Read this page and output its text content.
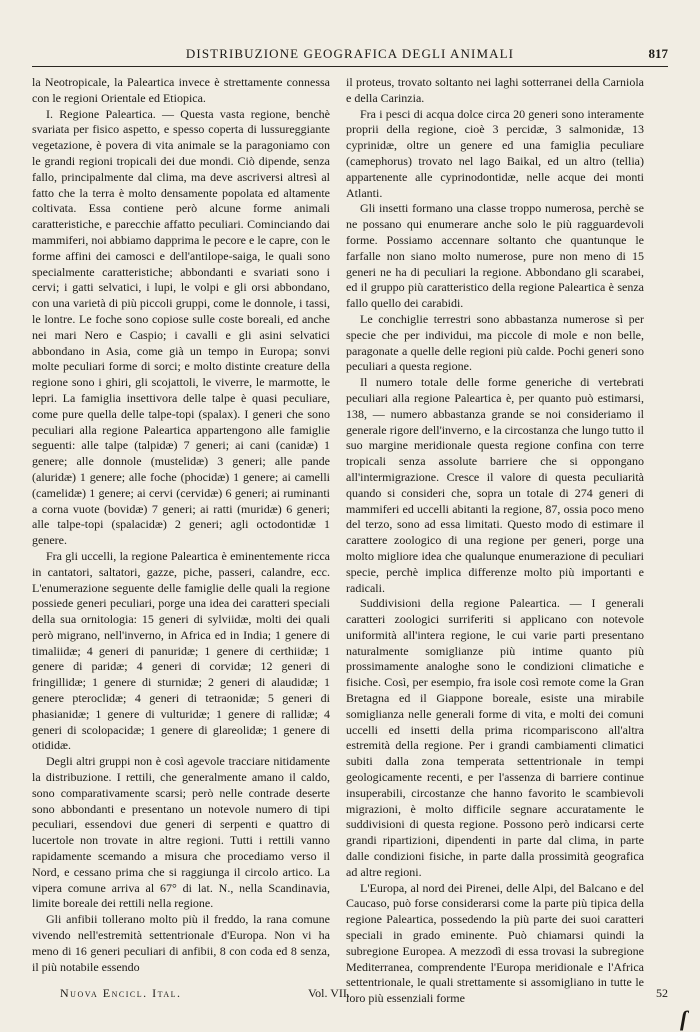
DISTRIBUZIONE GEOGRAFICA DEGLI ANIMALI	817

la Neotropicale, la Paleartica invece è strettamente connessa con le regioni Orientale ed Etiopica.

I. Regione Paleartica. — Questa vasta regione, benchè svariata per fisico aspetto, e spesso coperta di lussureggiante vegetazione, è povera di vita animale se la paragoniamo con le grandi regioni tropicali dei due mondi. Ciò dipende, senza fallo, principalmente dal clima, ma deve ascriversi altresì al fatto che la terra è molto densamente popolata ed altamente coltivata. Essa contiene però alcune forme animali caratteristiche, e parecchie affatto peculiari. Cominciando dai mammiferi, noi abbiamo dapprima le pecore e le capre, con le forme affini dei camosci e dell'antilope-saiga, le quali sono specialmente caratteristiche; abbondanti e svariati sono i cervi; i gatti selvatici, i lupi, le volpi e gli orsi abbondano, con una varietà di più piccoli gruppi, come le donnole, i tassi, le lontre. Le foche sono copiose sulle coste boreali, ed anche nei mari Nero e Caspio; i cavalli e gli asini selvatici abbondano in Asia, come già un tempo in Europa; sonvi molte peculiari forme di sorci; e molto distinte creature della regione sono i ghiri, gli scojattoli, le viverre, le marmotte, le lepri. La famiglia insettivora delle talpe è quasi peculiare, come pure quella delle talpe-topi (spalax). I generi che sono peculiari alla regione Paleartica appartengono alle famiglie seguenti: alle talpe (talpidæ) 7 generi; ai cani (canidæ) 1 genere; alle donnole (mustelidæ) 3 generi; alle pande (aluridæ) 1 genere; alle foche (phocidæ) 1 genere; ai camelli (camelidæ) 1 genere; ai cervi (cervidæ) 6 generi; ai ruminanti a corna vuote (bovidæ) 7 generi; ai ratti (muridæ) 6 generi; alle talpe-topi (spalacidæ) 2 generi; agli octodontidæ 1 genere.

Fra gli uccelli, la regione Paleartica è eminentemente ricca in cantatori, saltatori, gazze, piche, passeri, calandre, ecc. L'enumerazione seguente delle famiglie delle quali la regione possiede generi peculiari, porge una idea dei caratteri speciali della sua ornitologia: 15 generi di sylviidæ, molti dei quali però migrano, nell'inverno, in Africa ed in India; 1 genere di timaliidæ; 4 generi di panuridæ; 1 genere di certhiidæ; 1 genere di paridæ; 4 generi di corvidæ; 12 generi di fringillidæ; 1 genere di sturnidæ; 2 generi di alaudidæ; 1 genere pteroclidæ; 4 generi di tetraonidæ; 5 generi di phasianidæ; 1 genere di vulturidæ; 1 genere di rallidæ; 4 generi di scolopacidæ; 1 genere di glareolidæ; 1 genere di otididæ.

Degli altri gruppi non è così agevole tracciare nitidamente la distribuzione. I rettili, che generalmente amano il caldo, sono comparativamente scarsi; però nelle contrade deserte sono abbondanti e presentano un notevole numero di tipi peculiari, essendovi due generi di serpenti e quattro di lucertole non trovate in altre regioni. Tutti i rettili vanno rapidamente scemando a misura che procediamo verso il Nord, e cessano prima che si raggiunga il circolo artico. La vipera comune arriva al 67° di lat. N., nella Scandinavia, limite boreale dei rettili nella regione.

Gli anfibii tollerano molto più il freddo, la rana comune vivendo nell'estremità settentrionale d'Europa. Non vi ha meno di 16 generi peculiari di anfibii, 8 con coda ed 8 senza, il più notabile essendo

il proteus, trovato soltanto nei laghi sotterranei della Carniola e della Carinzia.

Fra i pesci di acqua dolce circa 20 generi sono interamente proprii della regione, cioè 3 percidæ, 3 salmonidæ, 13 cyprinidæ, oltre un genere ed una famiglia peculiare (camephorus) trovato nel lago Baikal, ed un altro (tellia) appartenente alle cyprinodontidæ, nelle acque dei monti Atlanti.

Gli insetti formano una classe troppo numerosa, perchè se ne possano qui enumerare anche solo le più ragguardevoli forme. Possiamo accennare soltanto che quantunque le farfalle non siano molto numerose, pure non meno di 15 generi ne ha di peculiari la regione. Abbondano gli scarabei, ed il gruppo più caratteristico della regione Paleartica è senza fallo quello dei carabidi.

Le conchiglie terrestri sono abbastanza numerose sì per specie che per individui, ma piccole di mole e non belle, paragonate a quelle delle regioni più calde. Pochi generi sono peculiari a questa regione.

Il numero totale delle forme generiche di vertebrati peculiari alla regione Paleartica è, per quanto può estimarsi, 138, — numero abbastanza grande se noi consideriamo il generale rigore dell'inverno, e la circostanza che lungo tutto il suo margine meridionale questa regione confina con terre tropicali senza assolute barriere che si oppongano all'intermigrazione. Cresce il valore di questa peculiarità quando si consideri che, sopra un totale di 274 generi di mammiferi ed uccelli abitanti la regione, 87, ossia poco meno del terzo, sono ad essa limitati. Questo modo di estimare il carattere zoologico di una regione per generi, porge una molto migliore idea che qualunque enumerazione di peculiari specie, perchè implica differenze molto più importanti e radicali.

Suddivisioni della regione Paleartica. — I generali caratteri zoologici surriferiti si applicano con notevole uniformità all'intera regione, le cui varie parti presentano naturalmente somiglianze più intime quanto più prossimamente analoghe sono le condizioni climatiche e fisiche. Così, per esempio, fra isole così remote come la Gran Bretagna ed il Giappone boreale, esiste una mirabile somiglianza nelle generali forme di vita, e molti dei comuni uccelli ed insetti della prima ricompariscono all'altra estremità della regione. Per i grandi cambiamenti climatici subiti dalla zona temperata settentrionale in tempi geologicamente recenti, e per l'assenza di barriere continue insuperabili, circostanze che hanno favorito le scambievoli migrazioni, è molto difficile segnare accuratamente le suddivisioni di questa regione. Possono però indicarsi certe grandi ripartizioni, dipendenti in parte dal clima, in parte dalle condizioni fisiche, in parte dalla prossimità geografica ad altre regioni.

L'Europa, al nord dei Pirenei, delle Alpi, del Balcano e del Caucaso, può forse considerarsi come la parte più tipica della regione Paleartica, possedendo la più parte dei suoi caratteri speciali in grado eminente. Può chiamarsi quindi la subregione Europea. A mezzodì di essa trovasi la subregione Mediterranea, comprendente l'Europa meridionale e l'Africa settentrionale, le quali strettamente si assomigliano in tutte le loro più essenziali forme

Nuova Encicl. Ital.	Vol. VII.	52
ſ
